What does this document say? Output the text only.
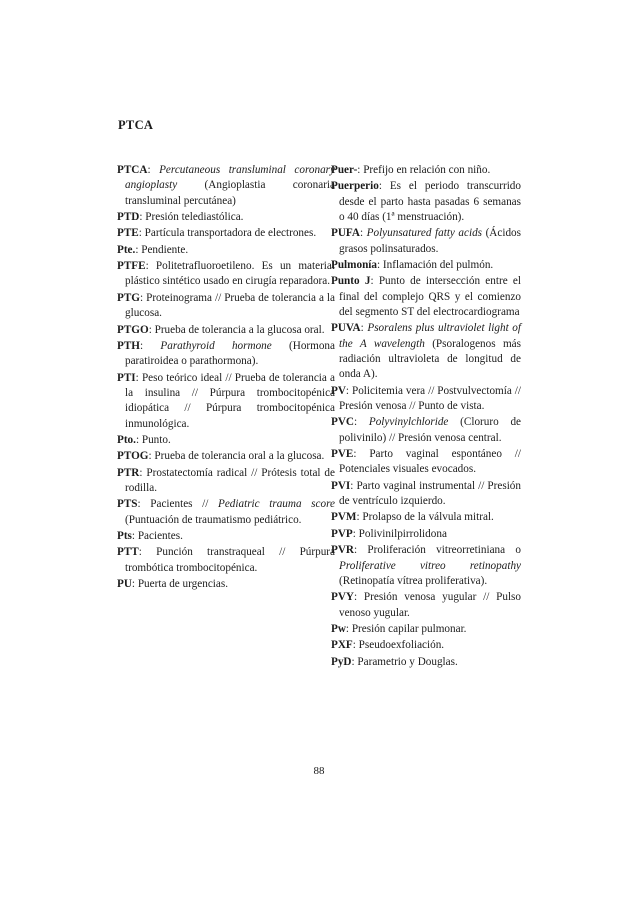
PTCA

PTCA: Percutaneous transluminal coronary angioplasty (Angioplastia coronaria transluminal percutánea)

PTD: Presión telediastólica.

PTE: Partícula transportadora de electrones.

Pte.: Pendiente.

PTFE: Politetrafluoroetileno. Es un material plástico sintético usado en cirugía reparadora.

PTG: Proteinograma // Prueba de tolerancia a la glucosa.

PTGO: Prueba de tolerancia a la glucosa oral.

PTH: Parathyroid hormone (Hormona paratiroidea o parathormona).

PTI: Peso teórico ideal // Prueba de tolerancia a la insulina // Púrpura trombocitopénica idiopática // Púrpura trombocitopénica inmunológica.

Pto.: Punto.

PTOG: Prueba de tolerancia oral a la glucosa.

PTR: Prostatectomía radical // Prótesis total de rodilla.

PTS: Pacientes // Pediatric trauma score (Puntuación de traumatismo pediátrico.

Pts: Pacientes.

PTT: Punción transtraqueal // Púrpura trombótica trombocitopénica.

PU: Puerta de urgencias.

Puer-: Prefijo en relación con niño.

Puerperio: Es el periodo transcurrido desde el parto hasta pasadas 6 semanas o 40 días (1ª menstruación).

PUFA: Polyunsatured fatty acids (Ácidos grasos polinsaturados.

Pulmonía: Inflamación del pulmón.

Punto J: Punto de intersección entre el final del complejo QRS y el comienzo del segmento ST del electrocardiograma

PUVA: Psoralens plus ultraviolet light of the A wavelength (Psoralogenos más radiación ultravioleta de longitud de onda A).

PV: Policitemia vera // Postvulvectomía // Presión venosa // Punto de vista.

PVC: Polyvinylchloride (Cloruro de polivinilo) // Presión venosa central.

PVE: Parto vaginal espontáneo // Potenciales visuales evocados.

PVI: Parto vaginal instrumental // Presión de ventrículo izquierdo.

PVM: Prolapso de la válvula mitral.

PVP: Polivinilpirrolidona

PVR: Proliferación vitreorretiniana o Proliferative vitreo retinopathy (Retinopatía vítrea proliferativa).

PVY: Presión venosa yugular // Pulso venoso yugular.

Pw: Presión capilar pulmonar.

PXF: Pseudoexfoliación.

PyD: Parametrio y Douglas.

88
